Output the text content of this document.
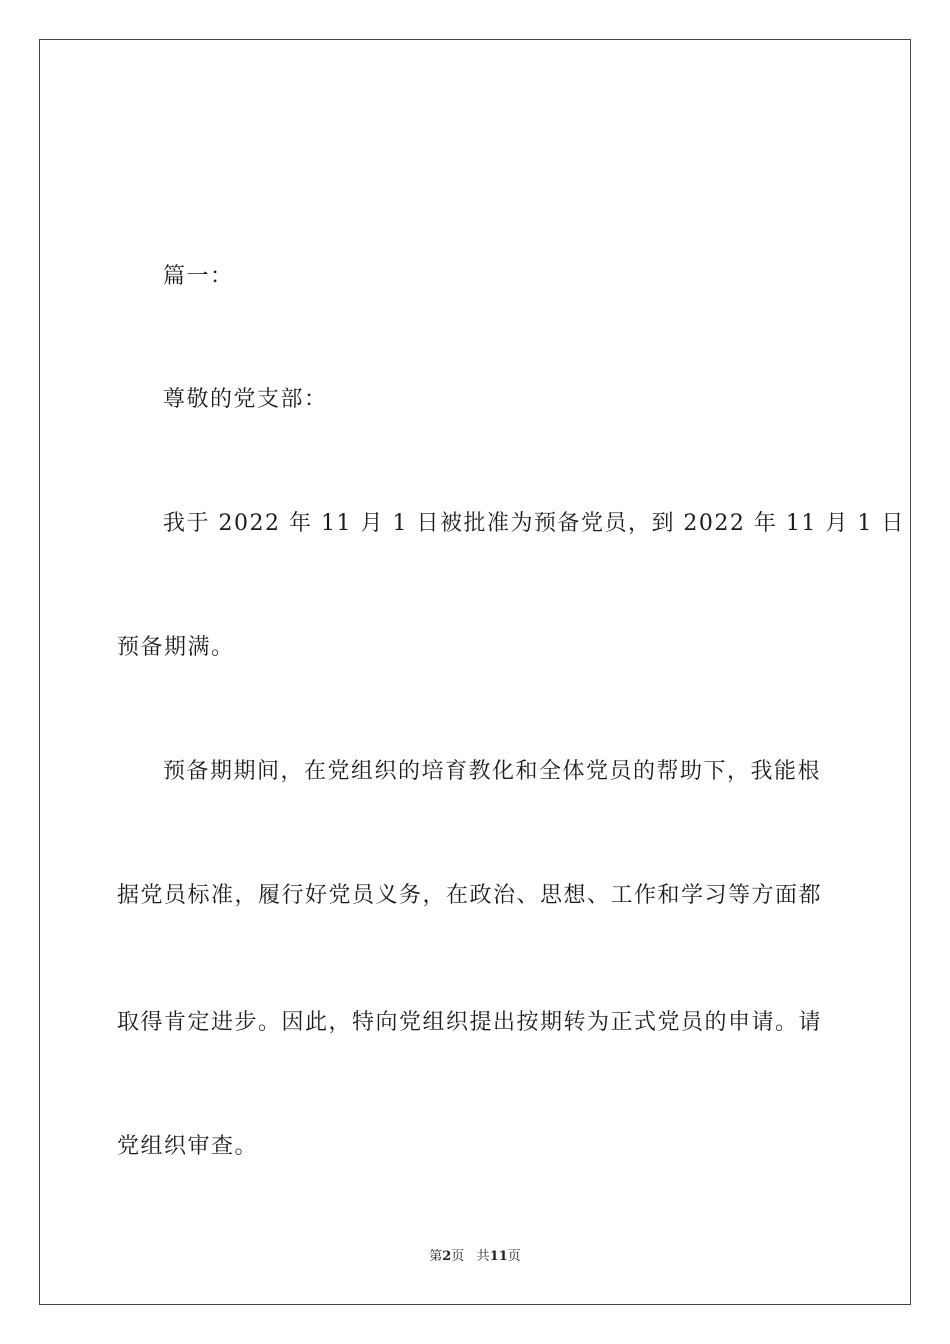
篇一：
尊敬的党支部：
我于 2022 年 11 月 1 日被批准为预备党员，到 2022 年 11 月 1 日
预备期满。
预备期期间，在党组织的培育教化和全体党员的帮助下，我能根
据党员标准，履行好党员义务，在政治、思想、工作和学习等方面都
取得肯定进步。因此，特向党组织提出按期转为正式党员的申请。请
党组织审查。
第2页 共11页
